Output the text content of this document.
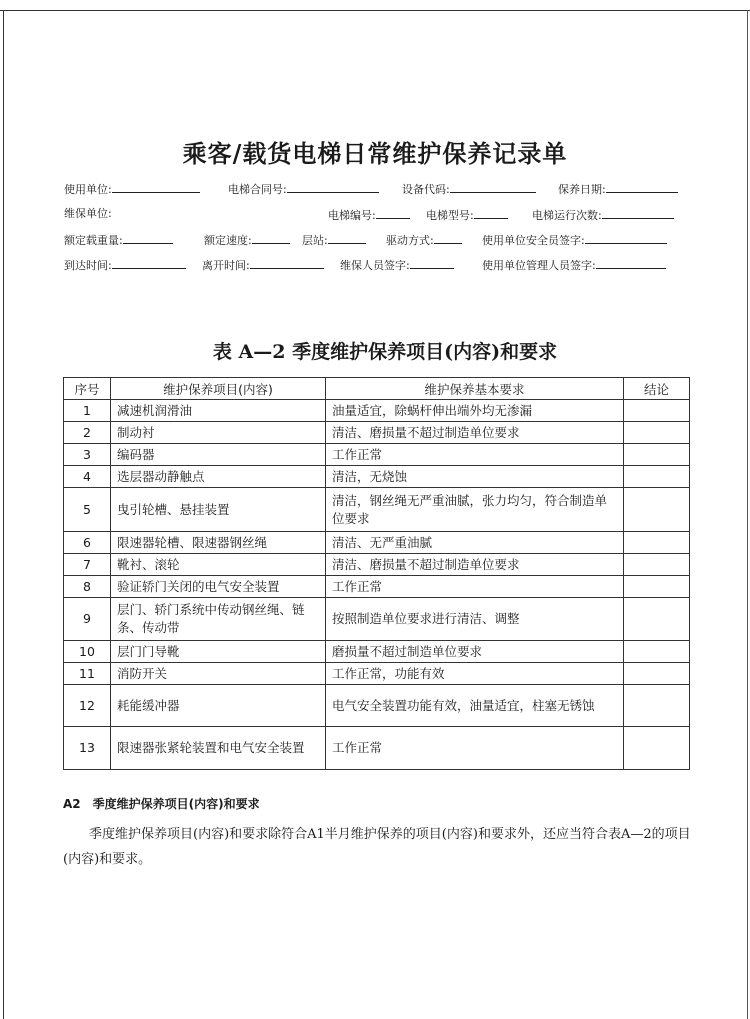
乘客/载货电梯日常维护保养记录单
使用单位:	电梯合同号:	设备代码:	保养日期:
维保单位:	电梯编号:	电梯型号:	电梯运行次数:
额定载重量:	额定速度:	层站:	驱动方式:	使用单位安全员签字:
到达时间:	离开时间:	维保人员签字:	使用单位管理人员签字:
表 A—2 季度维护保养项目(内容)和要求
序号	维护保养项目(内容)	维护保养基本要求	结论
1	减速机润滑油	油量适宜，除蜗杆伸出端外均无渗漏	
2	制动衬	清洁、磨损量不超过制造单位要求	
3	编码器	工作正常	
4	选层器动静触点	清洁，无烧蚀	
5	曳引轮槽、悬挂装置	清洁，钢丝绳无严重油腻，张力均匀，符合制造单位要求	
6	限速器轮槽、限速器钢丝绳	清洁、无严重油腻	
7	靴衬、滚轮	清洁、磨损量不超过制造单位要求	
8	验证轿门关闭的电气安全装置	工作正常	
9	层门、轿门系统中传动钢丝绳、链条、传动带	按照制造单位要求进行清洁、调整	
10	层门门导靴	磨损量不超过制造单位要求	
11	消防开关	工作正常，功能有效	
12	耗能缓冲器	电气安全装置功能有效，油量适宜，柱塞无锈蚀	
13	限速器张紧轮装置和电气安全装置	工作正常	
A2　季度维护保养项目(内容)和要求

季度维护保养项目(内容)和要求除符合A1半月维护保养的项目(内容)和要求外，还应当符合表A—2的项目(内容)和要求。
